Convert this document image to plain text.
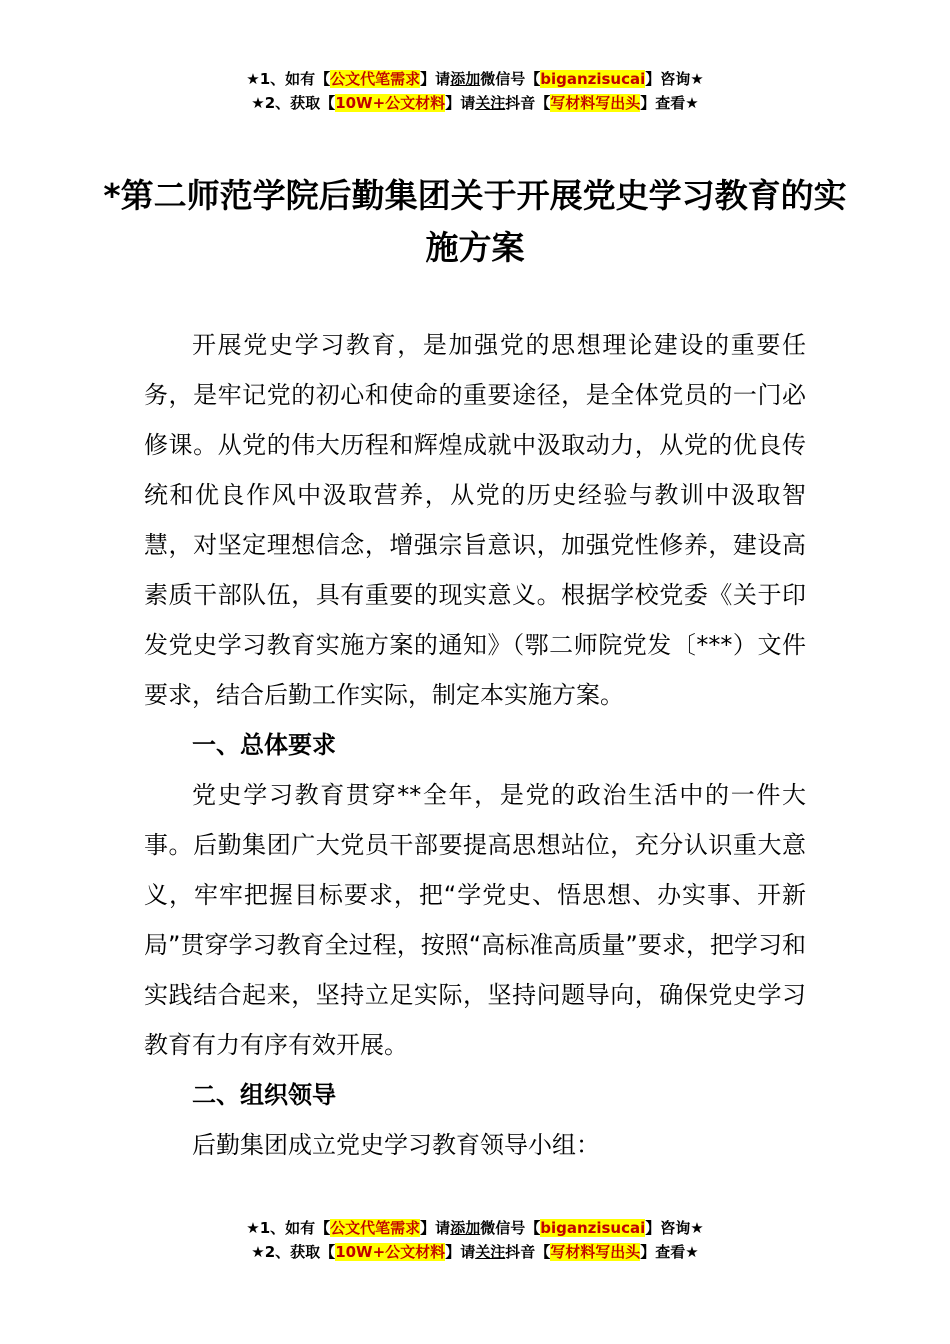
★1、如有【公文代笔需求】请添加微信号【biganzisucai】咨询★
★2、获取【10W+公文材料】请关注抖音【写材料写出头】查看★
*第二师范学院后勤集团关于开展党史学习教育的实施方案

开展党史学习教育，是加强党的思想理论建设的重要任务，是牢记党的初心和使命的重要途径，是全体党员的一门必修课。从党的伟大历程和辉煌成就中汲取动力，从党的优良传统和优良作风中汲取营养，从党的历史经验与教训中汲取智慧，对坚定理想信念，增强宗旨意识，加强党性修养，建设高素质干部队伍，具有重要的现实意义。根据学校党委《关于印发党史学习教育实施方案的通知》（鄂二师院党发〔***）文件要求，结合后勤工作实际，制定本实施方案。

一、总体要求

党史学习教育贯穿**全年，是党的政治生活中的一件大事。后勤集团广大党员干部要提高思想站位，充分认识重大意义，牢牢把握目标要求，把“学党史、悟思想、办实事、开新局”贯穿学习教育全过程，按照“高标准高质量”要求，把学习和实践结合起来，坚持立足实际，坚持问题导向，确保党史学习教育有力有序有效开展。

二、组织领导

后勤集团成立党史学习教育领导小组：

★1、如有【公文代笔需求】请添加微信号【biganzisucai】咨询★
★2、获取【10W+公文材料】请关注抖音【写材料写出头】查看★
